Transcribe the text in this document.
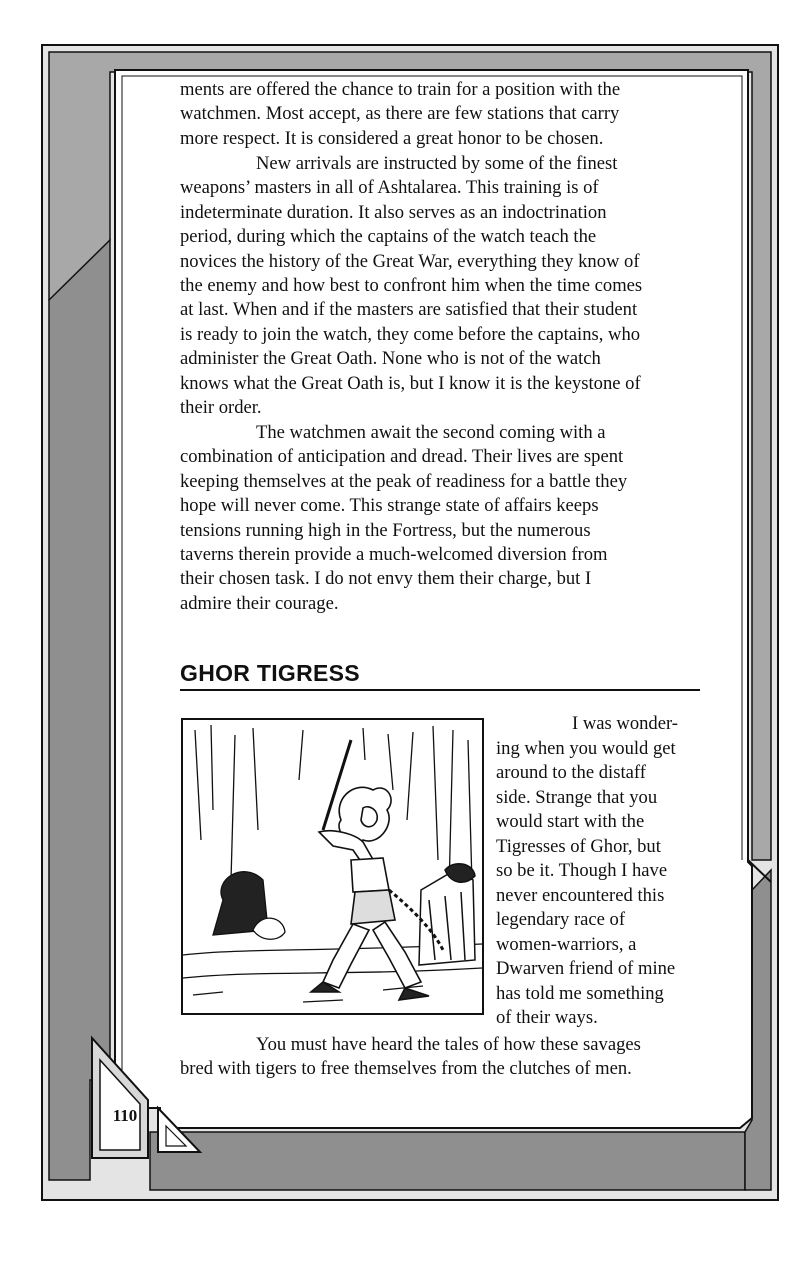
ments are offered the chance to train for a position with the
watchmen. Most accept, as there are few stations that carry
more respect. It is considered a great honor to be chosen.

New arrivals are instructed by some of the finest
weapons’ masters in all of Ashtalarea. This training is of
indeterminate duration. It also serves as an indoctrination
period, during which the captains of the watch teach the
novices the history of the Great War, everything they know of
the enemy and how best to confront him when the time comes
at last. When and if the masters are satisfied that their student
is ready to join the watch, they come before the captains, who
administer the Great Oath. None who is not of the watch
knows what the Great Oath is, but I know it is the keystone of
their order.

The watchmen await the second coming with a
combination of anticipation and dread. Their lives are spent
keeping themselves at the peak of readiness for a battle they
hope will never come. This strange state of affairs keeps
tensions running high in the Fortress, but the numerous
taverns therein provide a much-welcomed diversion from
their chosen task. I do not envy them their charge, but I
admire their courage.

GHOR TIGRESS

I was wonder-
ing when you would get
around to the distaff
side. Strange that you
would start with the
Tigresses of Ghor, but
so be it. Though I have
never encountered this
legendary race of
women-warriors, a
Dwarven friend of mine
has told me something
of their ways.

You must have heard the tales of how these savages
bred with tigers to free themselves from the clutches of men.

110
